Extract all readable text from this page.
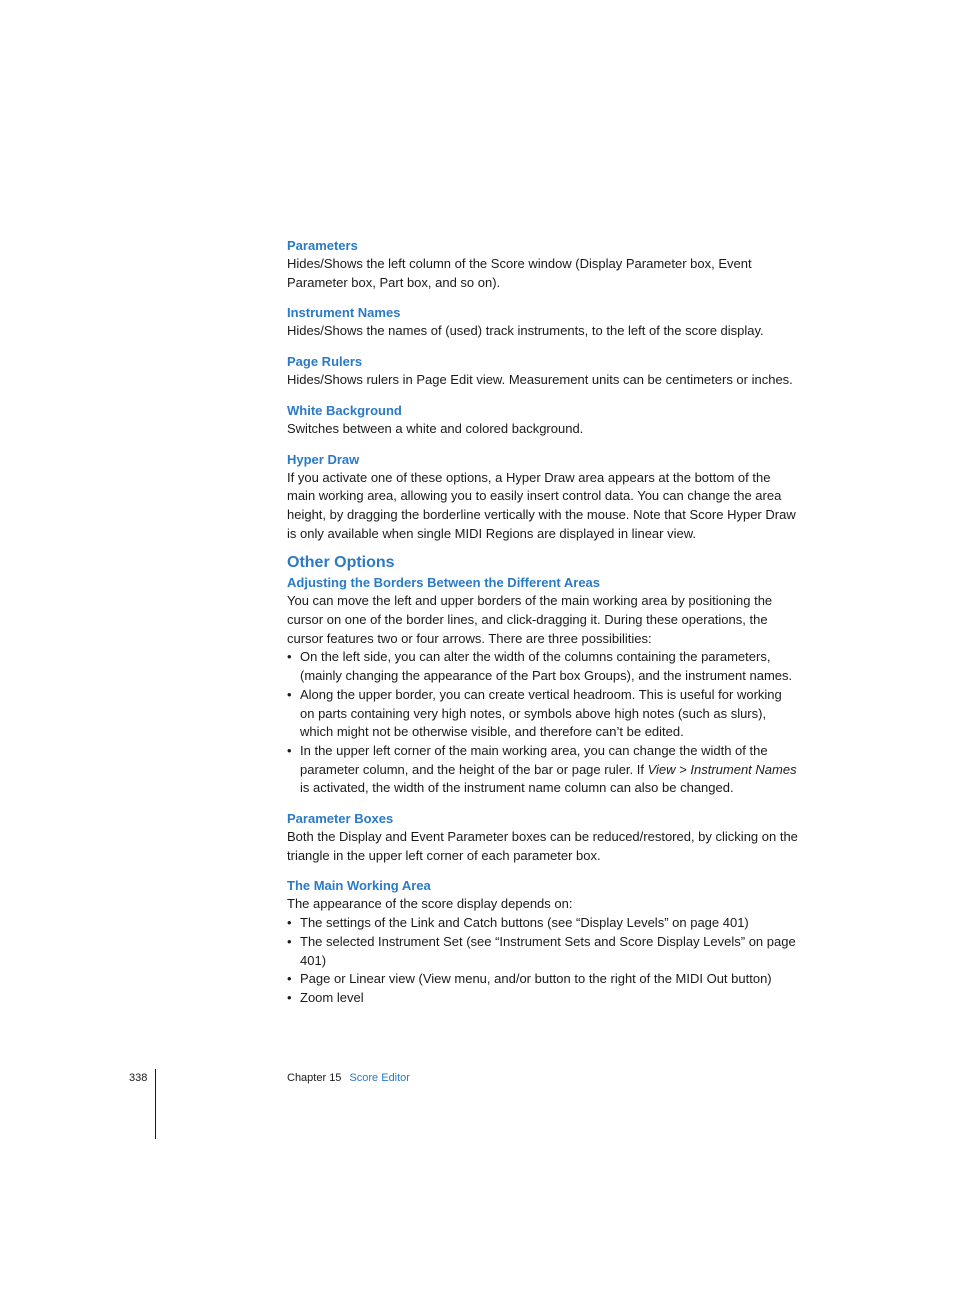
Parameters

Hides/Shows the left column of the Score window (Display Parameter box, Event Parameter box, Part box, and so on).

Instrument Names

Hides/Shows the names of (used) track instruments, to the left of the score display.

Page Rulers

Hides/Shows rulers in Page Edit view. Measurement units can be centimeters or inches.

White Background

Switches between a white and colored background.

Hyper Draw

If you activate one of these options, a Hyper Draw area appears at the bottom of the main working area, allowing you to easily insert control data. You can change the area height, by dragging the borderline vertically with the mouse. Note that Score Hyper Draw is only available when single MIDI Regions are displayed in linear view.

Other Options
Adjusting the Borders Between the Different Areas

You can move the left and upper borders of the main working area by positioning the cursor on one of the border lines, and click-dragging it. During these operations, the cursor features two or four arrows. There are three possibilities:

• On the left side, you can alter the width of the columns containing the parameters, (mainly changing the appearance of the Part box Groups), and the instrument names.
• Along the upper border, you can create vertical headroom. This is useful for working on parts containing very high notes, or symbols above high notes (such as slurs), which might not be otherwise visible, and therefore can’t be edited.
• In the upper left corner of the main working area, you can change the width of the parameter column, and the height of the bar or page ruler. If View > Instrument Names is activated, the width of the instrument name column can also be changed.
Parameter Boxes

Both the Display and Event Parameter boxes can be reduced/restored, by clicking on the triangle in the upper left corner of each parameter box.

The Main Working Area

The appearance of the score display depends on:

• The settings of the Link and Catch buttons (see “Display Levels” on page 401)
• The selected Instrument Set (see “Instrument Sets and Score Display Levels” on page 401)
• Page or Linear view (View menu, and/or button to the right of the MIDI Out button)
• Zoom level
338	Chapter 15 Score Editor
